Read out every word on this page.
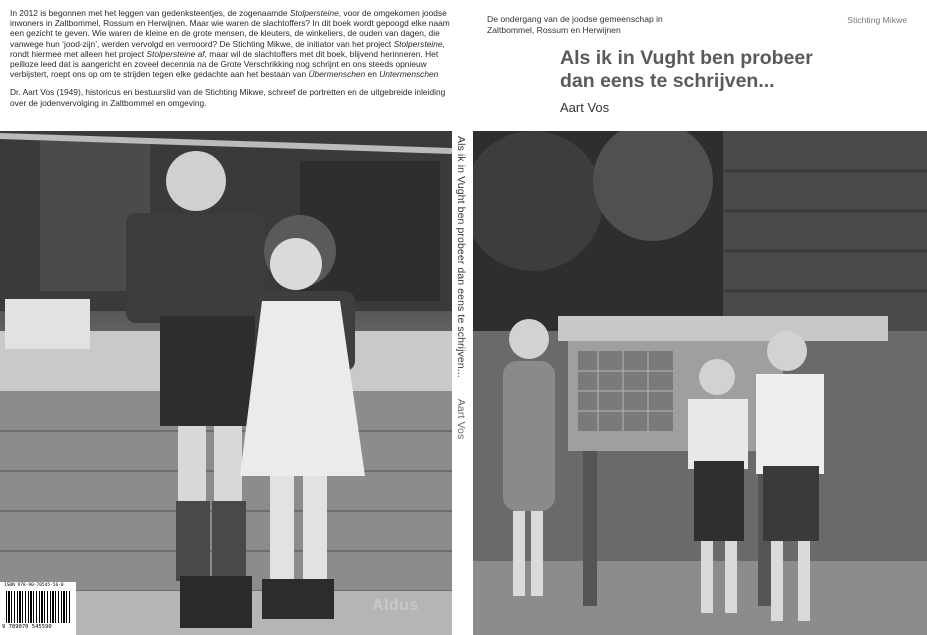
In 2012 is begonnen met het leggen van gedenksteentjes, de zogenaamde Stolpersteine, voor de omgekomen joodse inwoners in Zaltbommel, Rossum en Herwijnen. Maar wie waren de slachtoffers? In dit boek wordt gepoogd elke naam een gezicht te geven. Wie waren de kleine en de grote mensen, de kleuters, de winkeliers, de ouden van dagen, die vanwege hun ‘jood-zijn’, werden vervolgd en vermoord? De Stichting Mikwe, de initiator van het project Stolpersteine, rondt hiermee met alleen het project Stolpersteine af, maar wil de slachtoffers met dit boek, blijvend herinneren. Het peilloze leed dat is aangericht en zoveel decennia na de Grote Verschrikking nog schrijnt en ons steeds opnieuw verbijstert, roept ons op om te strijden tegen elke gedachte aan het bestaan van Übermenschen en Untermenschen

Dr. Aart Vos (1949), historicus en bestuurslid van de Stichting Mikwe, schreef de portretten en de uitgebreide inleiding over de jodenvervolging in Zaltbommel en omgeving.

Als ik in Vught ben probeer dan eens te schrijven... Aart Vos
De ondergang van de joodse gemeenschap in
Zaltbommel, Rossum en Herwijnen
Stichting Mikwe
Als ik in Vught ben probeer
dan eens te schrijven...
Aart Vos
Aldus
ISBN 978-90-70545-56-0
9 789070 545590
